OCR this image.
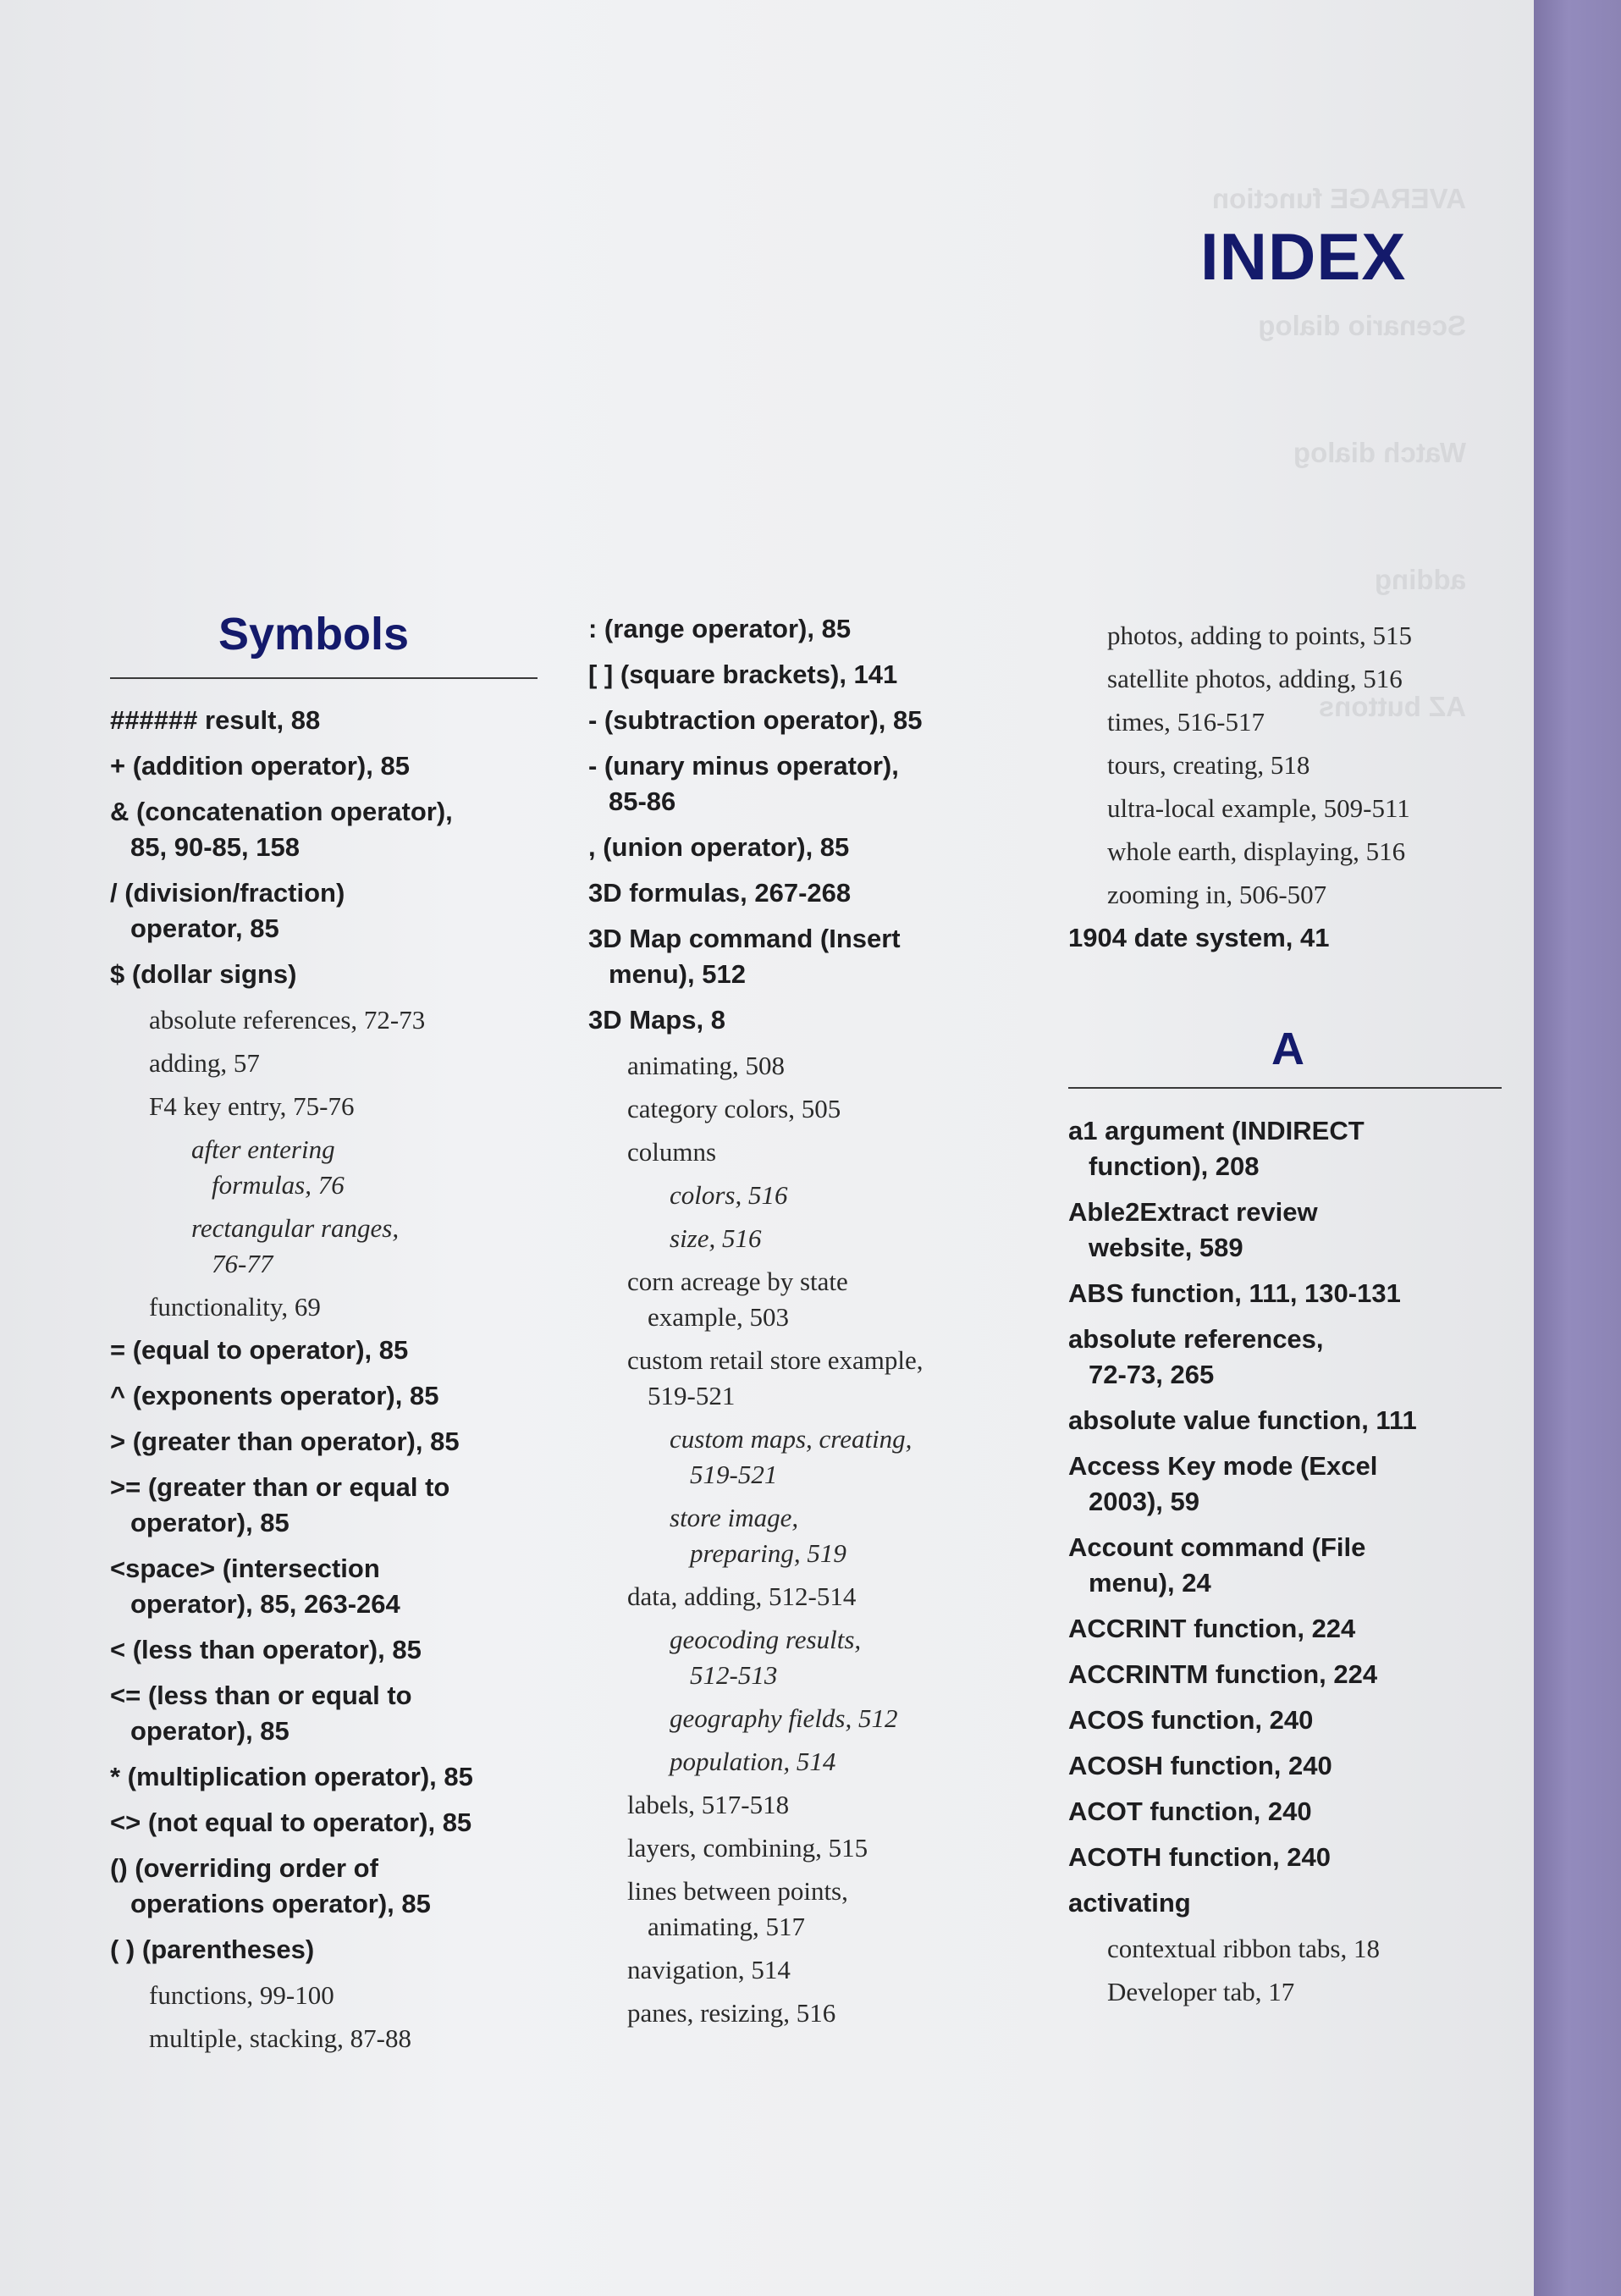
AVERAGE function

Scenario dialog

Watch dialog

adding

AZ buttons

INDEX
Symbols
###### result, 88
+ (addition operator), 85
& (concatenation operator),
85, 90-85, 158
/ (division/fraction)
operator, 85
$ (dollar signs)
absolute references, 72-73
adding, 57
F4 key entry, 75-76
after entering
formulas, 76
rectangular ranges,
76-77
functionality, 69
= (equal to operator), 85
^ (exponents operator), 85
> (greater than operator), 85
>= (greater than or equal to
operator), 85
<space> (intersection
operator), 85, 263-264
< (less than operator), 85
<= (less than or equal to
operator), 85
* (multiplication operator), 85
<> (not equal to operator), 85
() (overriding order of
operations operator), 85
( ) (parentheses)
functions, 99-100
multiple, stacking, 87-88
: (range operator), 85
[ ] (square brackets), 141
- (subtraction operator), 85
- (unary minus operator),
85-86
, (union operator), 85
3D formulas, 267-268
3D Map command (Insert
menu), 512
3D Maps, 8
animating, 508
category colors, 505
columns
colors, 516
size, 516
corn acreage by state
example, 503
custom retail store example,
519-521
custom maps, creating,
519-521
store image,
preparing, 519
data, adding, 512-514
geocoding results,
512-513
geography fields, 512
population, 514
labels, 517-518
layers, combining, 515
lines between points,
animating, 517
navigation, 514
panes, resizing, 516
photos, adding to points, 515
satellite photos, adding, 516
times, 516-517
tours, creating, 518
ultra-local example, 509-511
whole earth, displaying, 516
zooming in, 506-507
1904 date system, 41
A
a1 argument (INDIRECT
function), 208
Able2Extract review
website, 589
ABS function, 111, 130-131
absolute references,
72-73, 265
absolute value function, 111
Access Key mode (Excel
2003), 59
Account command (File
menu), 24
ACCRINT function, 224
ACCRINTM function, 224
ACOS function, 240
ACOSH function, 240
ACOT function, 240
ACOTH function, 240
activating
contextual ribbon tabs, 18
Developer tab, 17
